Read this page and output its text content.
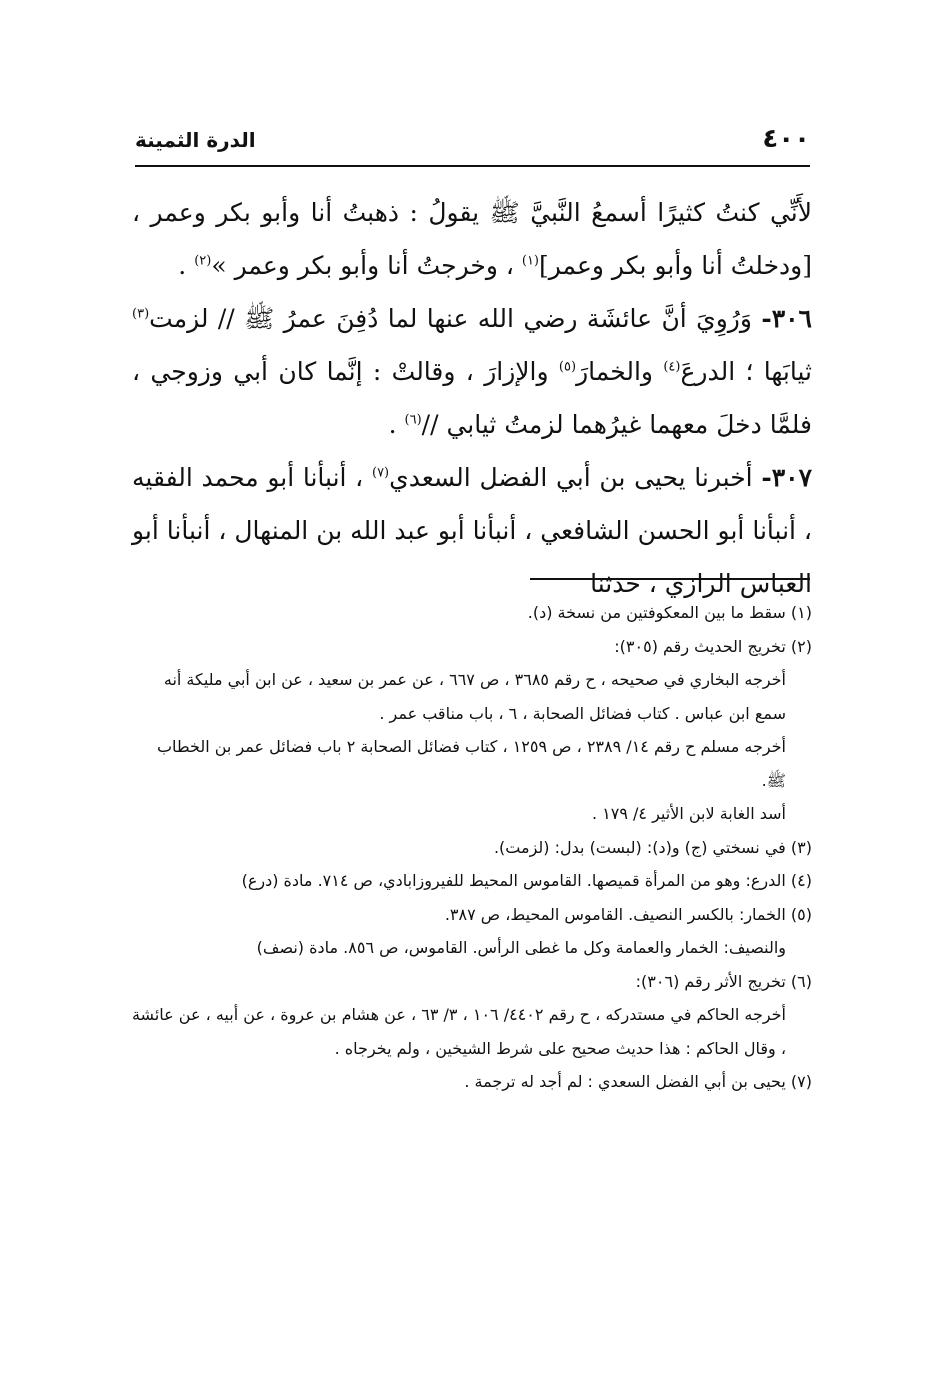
الدرة الثمينة	٤٠٠

لأَنِّي كنتُ كثيرًا أسمعُ النَّبيَّ ﷺ يقولُ : ذهبتُ أنا وأبو بكر وعمر ، [ودخلتُ أنا وأبو بكر وعمر]$^{(١)}$ ، وخرجتُ أنا وأبو بكر وعمر »$^{(٢)}$ .

٣٠٦- وَرُوِيَ أنَّ عائشَة رضي الله عنها لما دُفِنَ عمرُ ﷺ // لزمت$^{(٣)}$ ثيابَها ؛ الدرعَ$^{(٤)}$ والخمارَ$^{(٥)}$ والإزارَ ، وقالتْ : إنَّما كان أبي وزوجي ، فلمَّا دخلَ معهما غيرُهما لزمتُ ثيابي //$^{(٦)}$ .

٣٠٧- أخبرنا يحيى بن أبي الفضل السعدي$^{(٧)}$ ، أنبأنا أبو محمد الفقيه ، أنبأنا أبو الحسن الشافعي ، أنبأنا أبو عبد الله بن المنهال ، أنبأنا أبو العباس الرازي ، حدثنا

(١) سقط ما بين المعكوفتين من نسخة (د).

(٢) تخريج الحديث رقم (٣٠٥):

أخرجه البخاري في صحيحه ، ح رقم ٣٦٨٥ ، ص ٦٦٧ ، عن عمر بن سعيد ، عن ابن أبي مليكة أنه سمع ابن عباس . كتاب فضائل الصحابة ، ٦ ، باب مناقب عمر .

أخرجه مسلم ح رقم ١٤/ ٢٣٨٩ ، ص ١٢٥٩ ، كتاب فضائل الصحابة ٢ باب فضائل عمر بن الخطاب ﷺ.

أسد الغابة لابن الأثير ٤/ ١٧٩ .

(٣) في نسختي (ج) و(د): (لبست) بدل: (لزمت).

(٤) الدرع: وهو من المرأة قميصها. القاموس المحيط للفيروزابادي، ص ٧١٤. مادة (درع)

(٥) الخمار: بالكسر النصيف. القاموس المحيط، ص ٣٨٧.

والنصيف: الخمار والعمامة وكل ما غطى الرأس. القاموس، ص ٨٥٦. مادة (نصف)

(٦) تخريج الأثر رقم (٣٠٦):

أخرجه الحاكم في مستدركه ، ح رقم ٤٤٠٢/ ١٠٦ ، ٣/ ٦٣ ، عن هشام بن عروة ، عن أبيه ، عن عائشة ، وقال الحاكم : هذا حديث صحيح على شرط الشيخين ، ولم يخرجاه .

(٧) يحيى بن أبي الفضل السعدي : لم أجد له ترجمة .
